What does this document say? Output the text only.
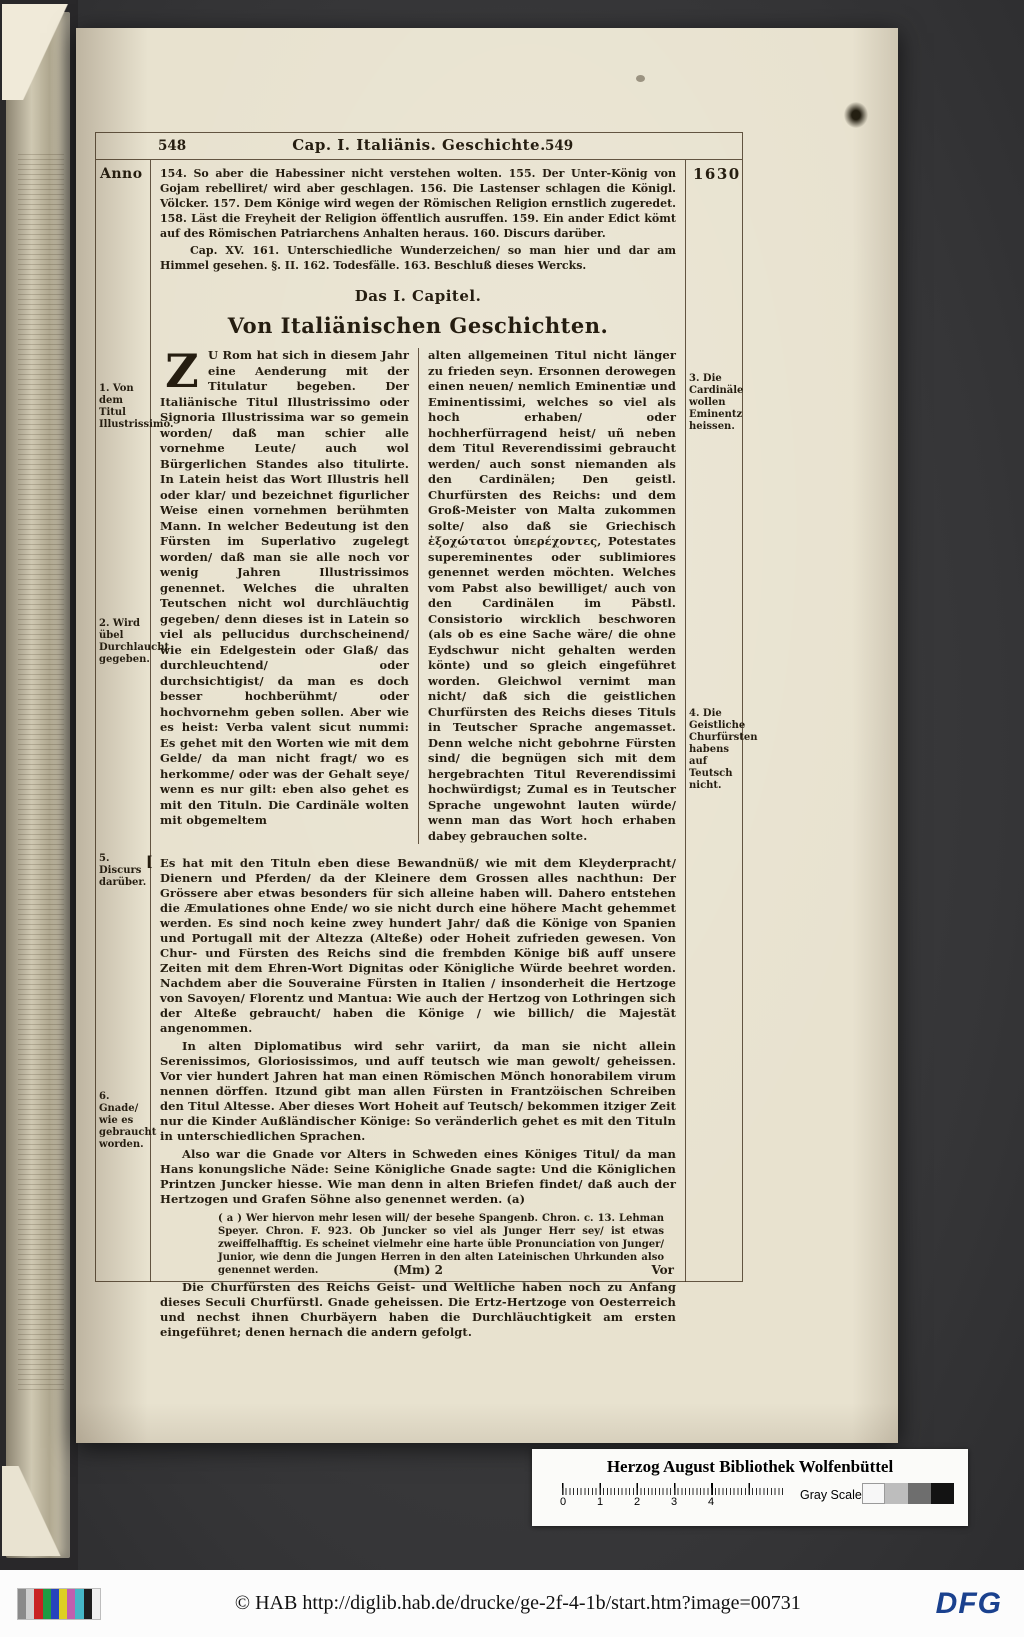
548	Cap. I. Italiänis. Geschichte. 549
Anno
1. Von dem Titul Illustrissimo.
2. Wird übel Durchlaucht gegeben.
5. Discurs darüber.
6. Gnade/ wie es gebraucht worden.

154. So aber die Habessiner nicht verstehen wolten. 155. Der Unter-König von Gojam rebelliret/ wird aber geschlagen. 156. Die Lastenser schlagen die Königl. Völcker. 157. Dem Könige wird wegen der Römischen Religion ernstlich zugeredet. 158. Läst die Freyheit der Religion öffentlich ausruffen. 159. Ein ander Edict kömt auf des Römischen Patriarchens Anhalten heraus. 160. Discurs darüber.

Cap. XV. 161. Unterschiedliche Wunderzeichen/ so man hier und dar am Himmel gesehen. §. II. 162. Todesfälle. 163. Beschluß dieses Wercks.

Das I. Capitel.
Von Italiänischen Geschichten.
Z U Rom hat sich in diesem Jahr eine Aenderung mit der Titulatur begeben. Der Italiänische Titul Illustrissimo oder Signoria Illustrissima war so gemein worden/ daß man schier alle vornehme Leute/ auch wol Bürgerlichen Standes also titulirte. In Latein heist das Wort Illustris hell oder klar/ und bezeichnet figurlicher Weise einen vornehmen berühmten Mann. In welcher Bedeutung ist den Fürsten im Superlativo zugelegt worden/ daß man sie alle noch vor wenig Jahren Illustrissimos genennet. Welches die uhralten Teutschen nicht wol durchläuchtig gegeben/ denn dieses ist in Latein so viel als pellucidus durchscheinend/ wie ein Edelgestein oder Glaß/ das durchleuchtend/ oder durchsichtigist/ da man es doch besser hochberühmt/ oder hochvornehm geben sollen. Aber wie es heist: Verba valent sicut nummi: Es gehet mit den Worten wie mit dem Gelde/ da man nicht fragt/ wo es herkomme/ oder was der Gehalt seye/ wenn es nur gilt: eben also gehet es mit den Tituln. Die Cardinäle wolten mit obgemeltem
alten allgemeinen Titul nicht länger zu frieden seyn. Ersonnen derowegen einen neuen/ nemlich Eminentiæ und Eminentissimi, welches so viel als hoch erhaben/ oder hochherfürragend heist/ uñ neben dem Titul Reverendissimi gebraucht werden/ auch sonst niemanden als den Cardinälen; Den geistl. Churfürsten des Reichs: und dem Groß-Meister von Malta zukommen solte/ also daß sie Griechisch ἐξοχώτατοι ὑπερέχοντες, Potestates supereminentes oder sublimiores genennet werden möchten. Welches vom Pabst also bewilliget/ auch von den Cardinälen im Päbstl. Consistorio wircklich beschworen (als ob es eine Sache wäre/ die ohne Eydschwur nicht gehalten werden könte) und so gleich eingeführet worden. Gleichwol vernimt man nicht/ daß sich die geistlichen Churfürsten des Reichs dieses Tituls in Teutscher Sprache angemasset. Denn welche nicht gebohrne Fürsten sind/ die begnügen sich mit dem hergebrachten Titul Reverendissimi hochwürdigst; Zumal es in Teutscher Sprache ungewohnt lauten würde/ wenn man das Wort hoch erhaben dabey gebrauchen solte.
[ Es hat mit den Tituln eben diese Bewandnüß/ wie mit dem Kleyderpracht/ Dienern und Pferden/ da der Kleinere dem Grossen alles nachthun: Der Grössere aber etwas besonders für sich alleine haben will. Dahero entstehen die Æmulationes ohne Ende/ wo sie nicht durch eine höhere Macht gehemmet werden. Es sind noch keine zwey hundert Jahr/ daß die Könige von Spanien und Portugall mit der Altezza (Alteße) oder Hoheit zufrieden gewesen. Von Chur- und Fürsten des Reichs sind die frembden Könige biß auff unsere Zeiten mit dem Ehren-Wort Dignitas oder Königliche Würde beehret worden. Nachdem aber die Souveraine Fürsten in Italien / insonderheit die Hertzoge von Savoyen/ Florentz und Mantua: Wie auch der Hertzog von Lothringen sich der Alteße gebraucht/ haben die Könige / wie billich/ die Majestät angenommen.

In alten Diplomatibus wird sehr variirt, da man sie nicht allein Serenissimos, Gloriosissimos, und auff teutsch wie man gewolt/ geheissen. Vor vier hundert Jahren hat man einen Römischen Mönch honorabilem virum nennen dörffen. Itzund gibt man allen Fürsten in Frantzöischen Schreiben den Titul Altesse. Aber dieses Wort Hoheit auf Teutsch/ bekommen itziger Zeit nur die Kinder Außländischer Könige: So veränderlich gehet es mit den Tituln in unterschiedlichen Sprachen.

Also war die Gnade vor Alters in Schweden eines Königes Titul/ da man Hans konungsliche Näde: Seine Königliche Gnade sagte: Und die Königlichen Printzen Juncker hiesse. Wie man denn in alten Briefen findet/ daß auch der Hertzogen und Grafen Söhne also genennet werden. (a)

( a ) Wer hiervon mehr lesen will/ der besehe Spangenb. Chron. c. 13. Lehman Speyer. Chron. F. 923. Ob Juncker so viel als Junger Herr sey/ ist etwas zweiffelhafftig. Es scheinet vielmehr eine harte üble Pronunciation von Junger/ Junior, wie denn die Jungen Herren in den alten Lateinischen Uhrkunden also genennet werden.

Die Churfürsten des Reichs Geist- und Weltliche haben noch zu Anfang dieses Seculi Churfürstl. Gnade geheissen. Die Ertz-Hertzoge von Oesterreich und nechst ihnen Churbäyern haben die Durchläuchtigkeit am ersten eingeführet; denen hernach die andern gefolgt.

(Mm) 2	Vor
1630
3. Die Cardinäle wollen Eminentz heissen.
4. Die Geistliche Churfürsten habens auf Teutsch nicht.
Herzog August Bibliothek Wolfenbüttel
0	1	2	3	4	Gray Scale
© HAB http://diglib.hab.de/drucke/ge-2f-4-1b/start.htm?image=00731	DFG
